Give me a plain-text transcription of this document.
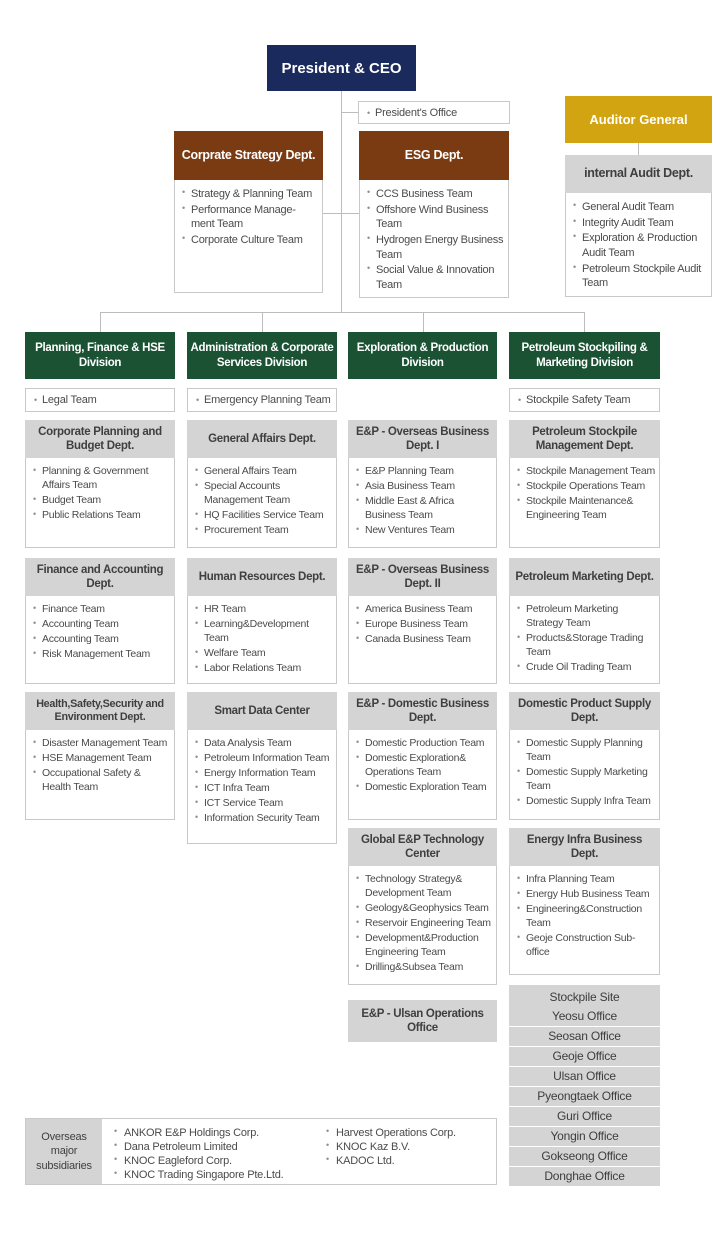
President & CEO
• President's Office	Auditor General
Corprate Strategy Dept.
• Strategy & Planning Team
• Performance Manage-ment Team
• Corporate Culture Team
ESG Dept.
• CCS Business Team
• Offshore Wind Business Team
• Hydrogen Energy Business Team
• Social Value & Innovation Team
internal Audit Dept.
• General Audit Team
• Integrity Audit Team
• Exploration & Production Audit Team
• Petroleum Stockpile Audit Team
Planning, Finance & HSE Division
Administration & Corporate Services Division
Exploration & Production Division
Petroleum Stockpiling & Marketing Division
• Legal Team	• Emergency Planning Team	• Stockpile Safety Team
Corporate Planning and Budget Dept.
• Planning & Government Affairs Team
• Budget Team
• Public Relations Team
Finance and Accounting Dept.
• Finance Team
• Accounting Team
• Accounting Team
• Risk Management Team
Health,Safety,Security and Environment Dept.
• Disaster Management Team
• HSE Management Team
• Occupational Safety & Health Team
General Affairs Dept.
• General Affairs Team
• Special Accounts Management Team
• HQ Facilities Service Team
• Procurement Team
Human Resources Dept.
• HR Team
• Learning&Development Team
• Welfare Team
• Labor Relations Team
Smart Data Center
• Data Analysis Team
• Petroleum Information Team
• Energy Information Team
• ICT Infra Team
• ICT Service Team
• Information Security Team
E&P - Overseas Business Dept. I
• E&P Planning Team
• Asia Business Team
• Middle East & Africa Business Team
• New Ventures Team
E&P - Overseas Business Dept. II
• America Business Team
• Europe Business Team
• Canada Business Team
E&P - Domestic Business Dept.
• Domestic Production Team
• Domestic Exploration& Operations Team
• Domestic Exploration Team
Global E&P Technology Center
• Technology Strategy& Development Team
• Geology&Geophysics Team
• Reservoir Engineering Team
• Development&Production Engineering Team
• Drilling&Subsea Team
E&P - Ulsan Operations Office
Petroleum Stockpile Management Dept.
• Stockpile Management Team
• Stockpile Operations Team
• Stockpile Maintenance& Engineering Team
Petroleum Marketing Dept.
• Petroleum Marketing Strategy Team
• Products&Storage Trading Team
• Crude Oil Trading Team
Domestic Product Supply Dept.
• Domestic Supply Planning Team
• Domestic Supply Marketing Team
• Domestic Supply Infra Team
Energy Infra Business Dept.
• Infra Planning Team
• Energy Hub Business Team
• Engineering&Construction Team
• Geoje Construction Sub-office
Stockpile Site
Yeosu Office
Seosan Office
Geoje Office
Ulsan Office
Pyeongtaek Office
Guri Office
Yongin Office
Gokseong Office
Donghae Office
Overseas major subsidiaries
• ANKOR E&P Holdings Corp.
• Dana Petroleum Limited
• KNOC Eagleford Corp.
• KNOC Trading Singapore Pte.Ltd.
• Harvest Operations Corp.
• KNOC Kaz B.V.
• KADOC Ltd.
